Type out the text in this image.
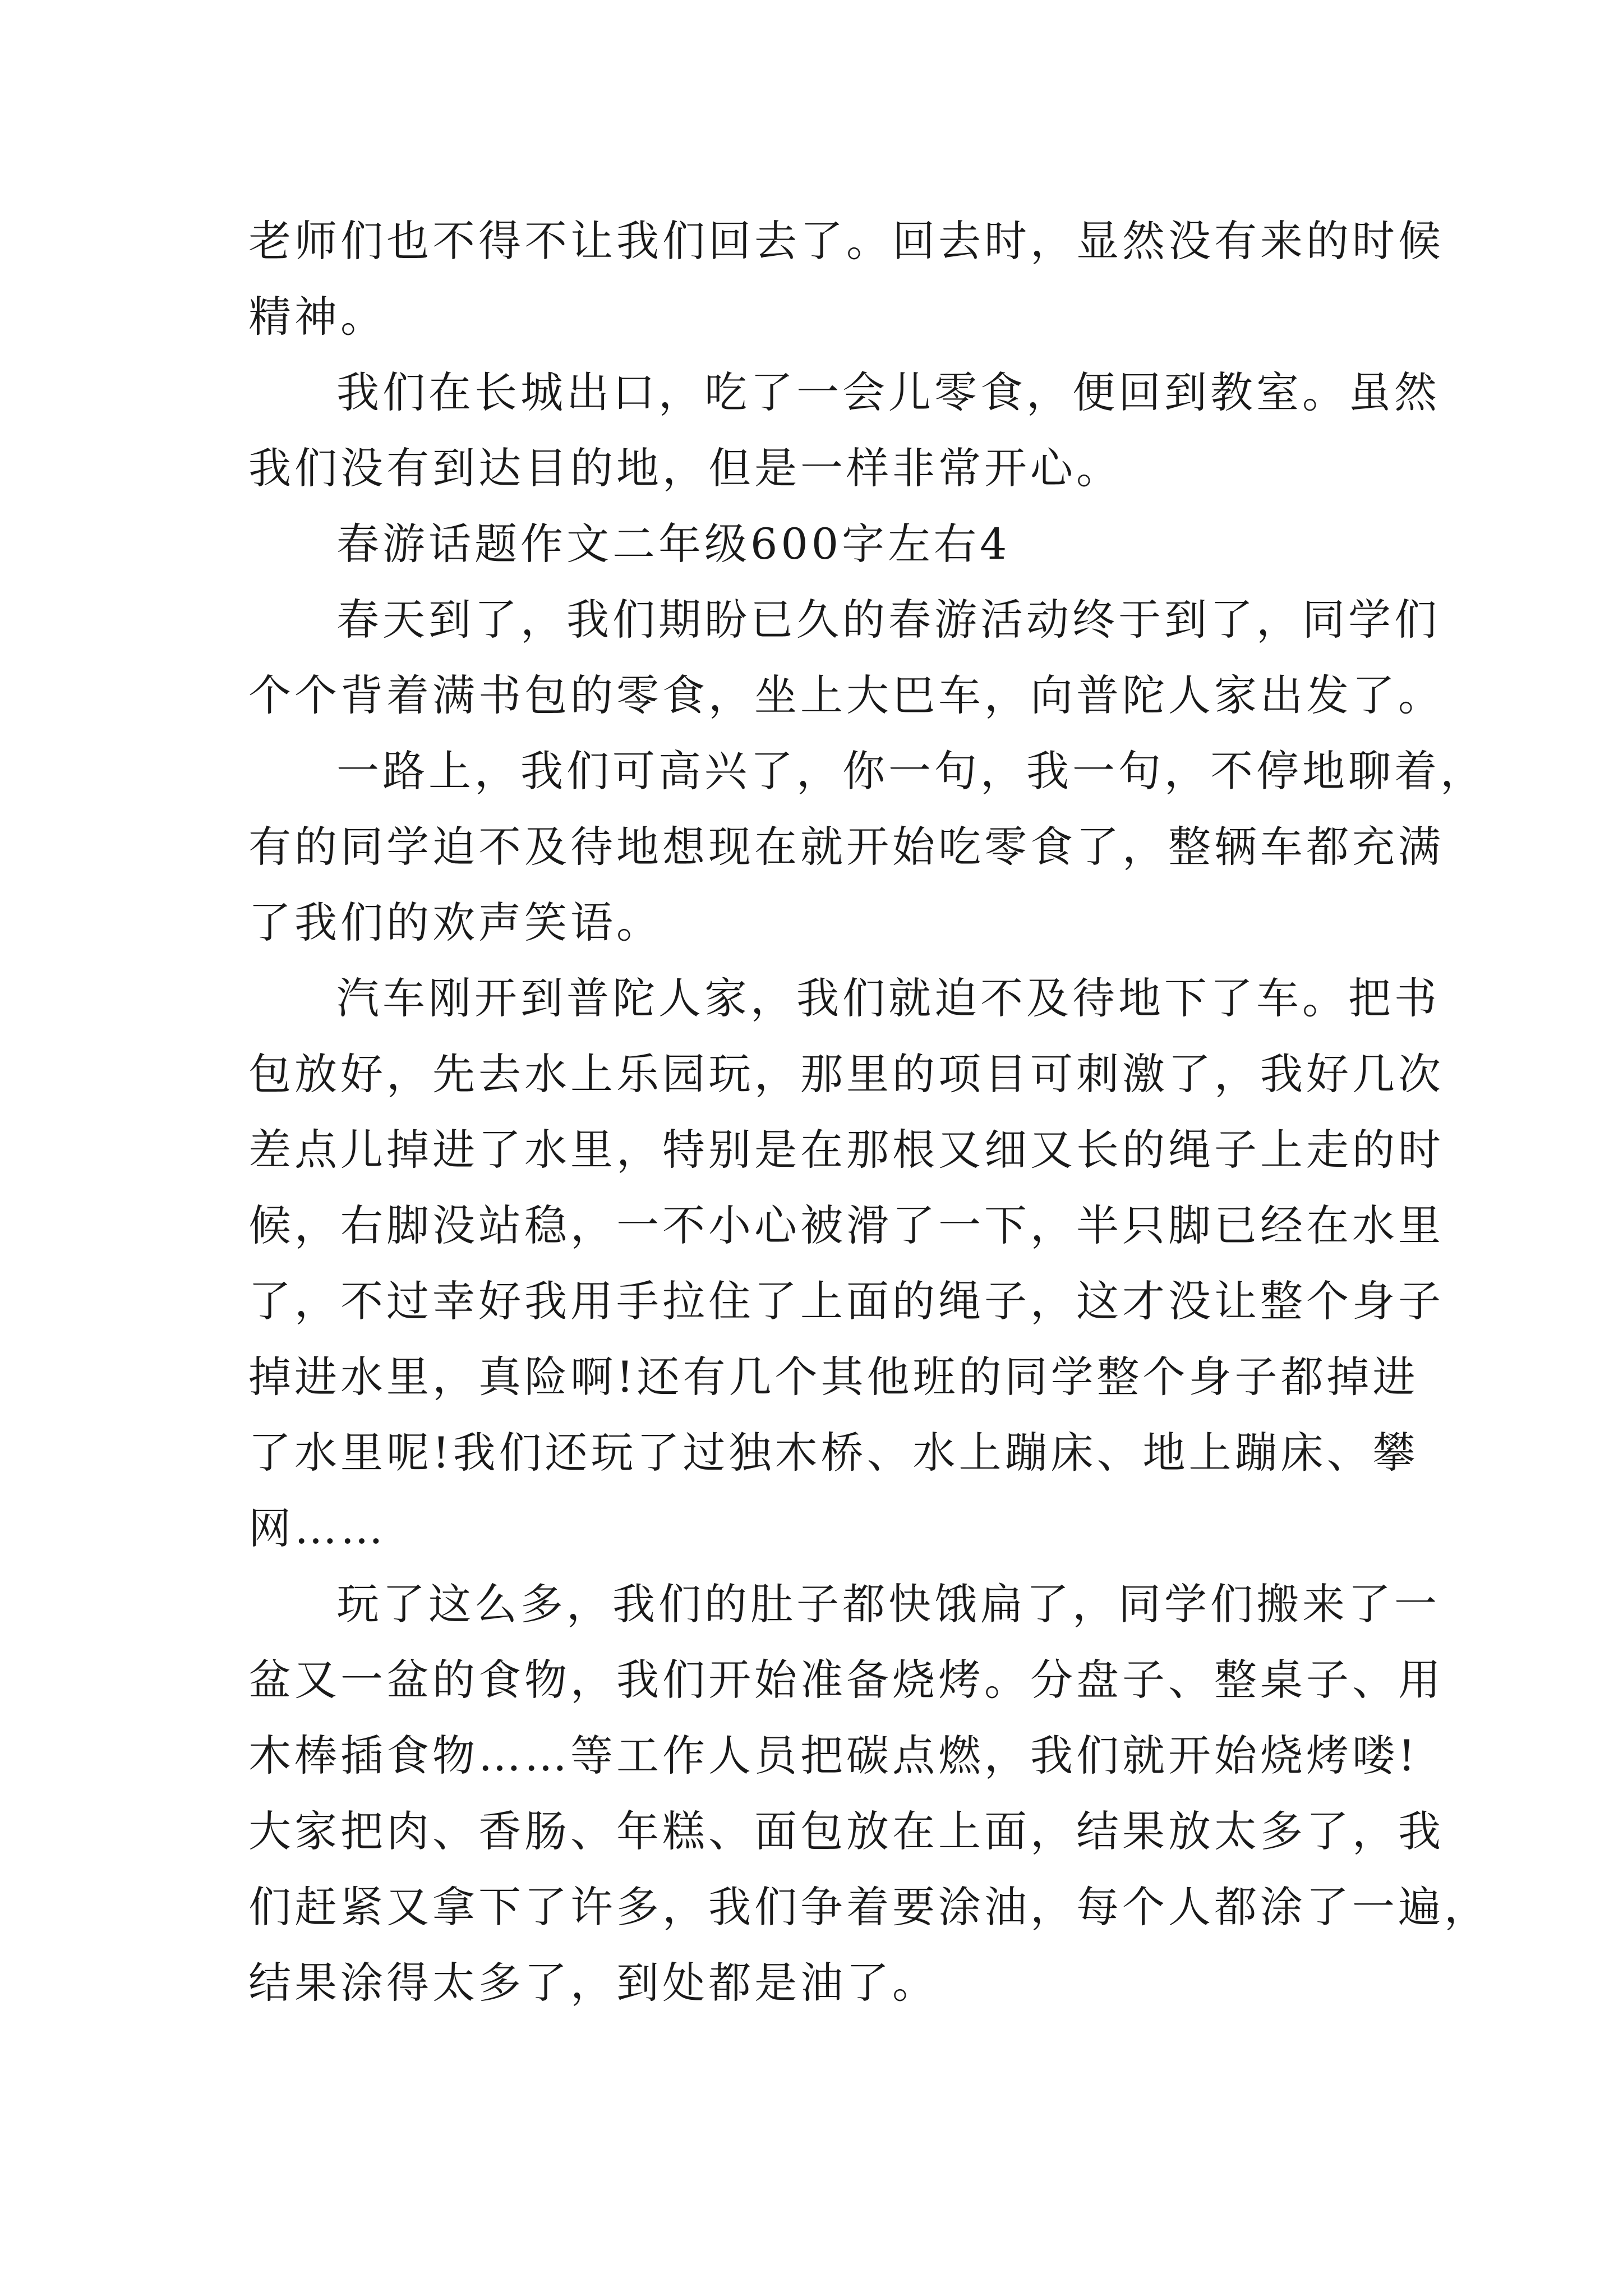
老师们也不得不让我们回去了。回去时，显然没有来的时候
精神。
我们在长城出口，吃了一会儿零食，便回到教室。虽然
我们没有到达目的地，但是一样非常开心。
春游话题作文二年级600字左右4
春天到了，我们期盼已久的春游活动终于到了，同学们
个个背着满书包的零食，坐上大巴车，向普陀人家出发了。
一路上，我们可高兴了，你一句，我一句，不停地聊着，
有的同学迫不及待地想现在就开始吃零食了，整辆车都充满
了我们的欢声笑语。
汽车刚开到普陀人家，我们就迫不及待地下了车。把书
包放好，先去水上乐园玩，那里的项目可刺激了，我好几次
差点儿掉进了水里，特别是在那根又细又长的绳子上走的时
候，右脚没站稳，一不小心被滑了一下，半只脚已经在水里
了，不过幸好我用手拉住了上面的绳子，这才没让整个身子
掉进水里，真险啊!还有几个其他班的同学整个身子都掉进
了水里呢!我们还玩了过独木桥、水上蹦床、地上蹦床、攀
网……
玩了这么多，我们的肚子都快饿扁了，同学们搬来了一
盆又一盆的食物，我们开始准备烧烤。分盘子、整桌子、用
木棒插食物……等工作人员把碳点燃，我们就开始烧烤喽!
大家把肉、香肠、年糕、面包放在上面，结果放太多了，我
们赶紧又拿下了许多，我们争着要涂油，每个人都涂了一遍，
结果涂得太多了，到处都是油了。
